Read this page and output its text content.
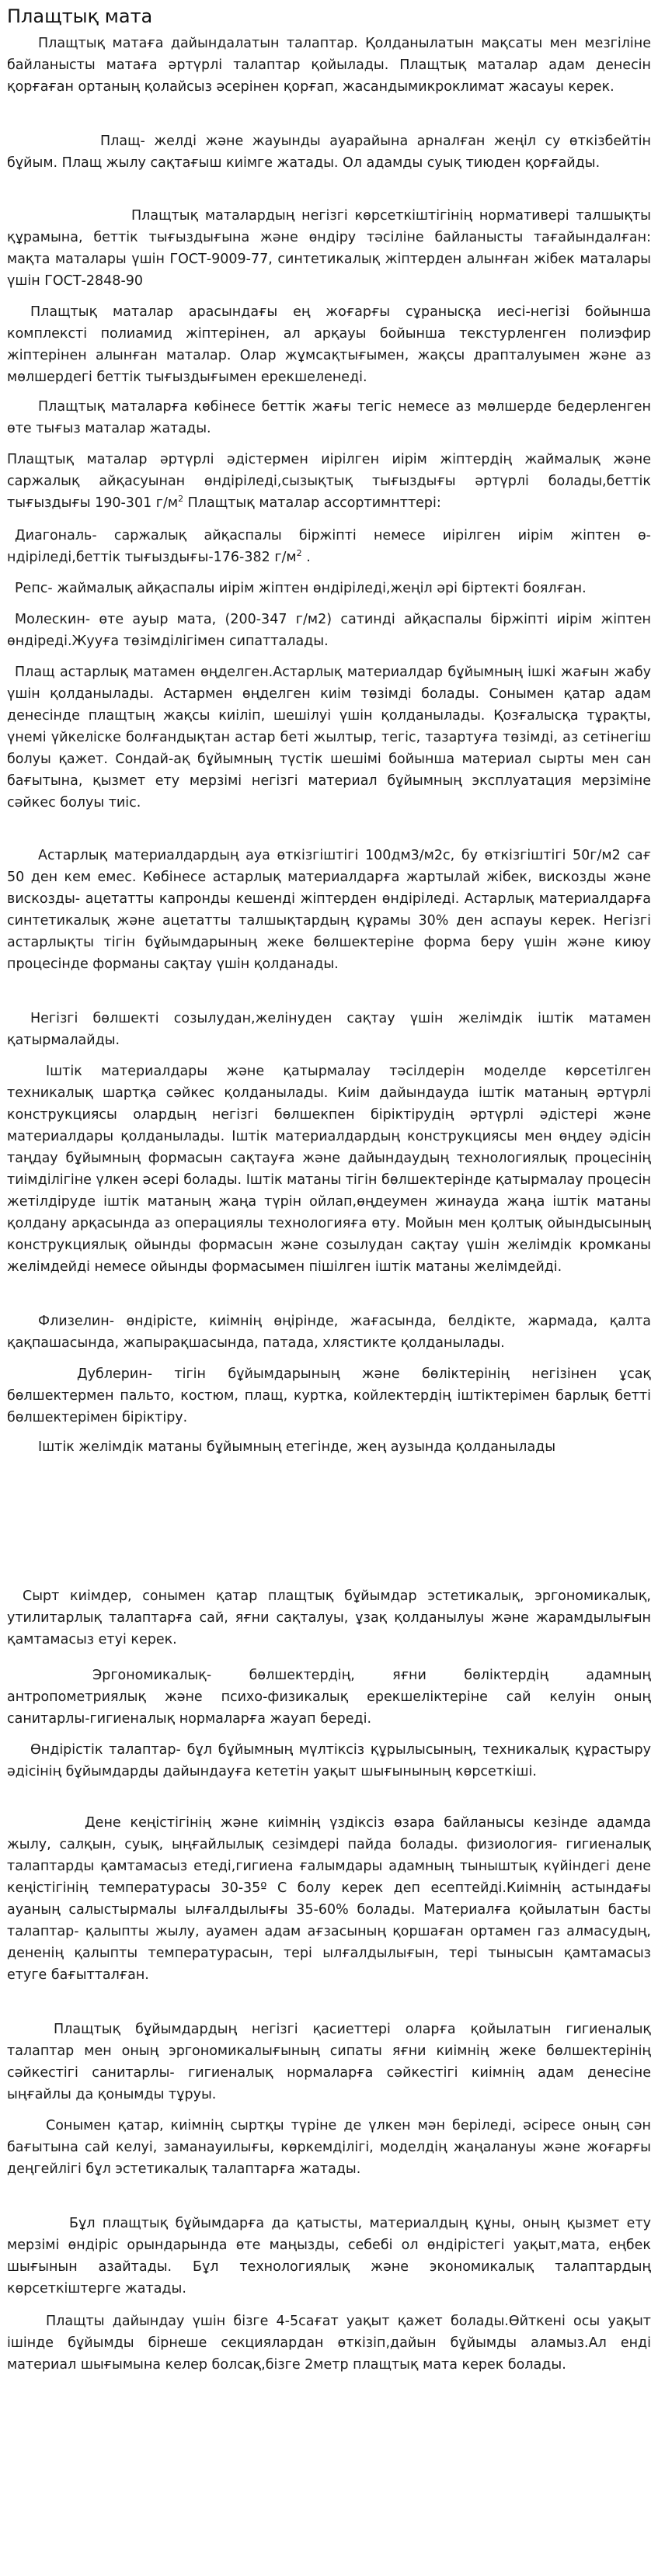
Плащтық мата

Плащтық матаға дайындалатын талаптар. Қолданылатын мақсаты мен мезгіліне байланысты матаға әртүрлі талаптар қойылады. Плащтық маталар адам денесін қорғаған ортаның қолайсыз әсерінен қорғап, жасандымикроклимат жасауы керек.

Плащ- желді және жауынды ауарайына арналған жеңіл су өткізбейтін бұйым. Плащ жылу сақтағыш киімге жатады. Ол адамды суық тиюден қорғайды.

Плащтық маталардың негізгі көрсеткіштігінің нормативері талшықты құрамына, беттік тығыздығына және өндіру тәсіліне байланысты тағайындалған: мақта маталары үшін ГОСТ-9009-77, синтетикалық жіптерден алынған жібек маталары үшін ГОСТ-2848-90

Плащтық маталар арасындағы ең жоғарғы сұранысқа иесі-негізі бойынша комплексті полиамид жіптерінен, ал арқауы бойынша текстурленген полиэфир жіптерінен алынған маталар. Олар жұмсақтығымен, жақсы драпталуымен және аз мөлшердегі беттік тығыздығымен ерекшеленеді.

Плащтық маталарға көбінесе беттік жағы тегіс немесе аз мөлшерде бедерленген өте тығыз маталар жатады.

Плащтық маталар әртүрлі әдістермен иірілген иірім жіптердің жаймалық және саржалық айқасуынан өндіріледі,сызықтық тығыздығы әртүрлі болады,беттік тығыздығы 190-301 $г/м^2$ Плащтық маталар ассортимнттері:

Диагональ- саржалық айқаспалы біржіпті немесе иірілген иірім жіптен ө-ндіріледі,беттік тығыздығы-176-382 $г/м^2$ .

Репс- жаймалық айқаспалы иірім жіптен өндіріледі,жеңіл әрі біртекті боялған.

Молескин- өте ауыр мата, (200-347 г/м2) сатинді айқаспалы біржіпті иірім жіптен өндіреді.Жууға төзімділігімен сипатталады.

Плащ астарлық матамен өңделген.Астарлық материалдар бұйымның ішкі жағын жабу үшін қолданылады. Астармен өңделген киім төзімді болады. Сонымен қатар адам денесінде плащтың жақсы киіліп, шешілуі үшін қолданылады. Қозғалысқа тұрақты, үнемі үйкеліске болғандықтан астар беті жылтыр, тегіс, тазартуға төзімді, аз сетінегіш болуы қажет. Сондай-ақ бұйымның түстік шешімі бойынша материал сырты мен сан бағытына, қызмет ету мерзімі негізгі материал бұйымның эксплуатация мерзіміне сәйкес болуы тиіс.

Астарлық материалдардың ауа өткізгіштігі 100дм3/м2с, бу өткізгіштігі 50г/м2 сағ 50 ден кем емес. Көбінесе астарлық материалдарға жартылай жібек, вискозды және вискозды- ацетатты капронды кешенді жіптерден өндіріледі. Астарлық материалдарға синтетикалық және ацетатты талшықтардың құрамы 30% ден аспауы керек. Негізгі астарлықты тігін бұйымдарының жеке бөлшектеріне форма беру үшін және киюу процесінде форманы сақтау үшін қолданады.

Негізгі бөлшекті созылудан,желінуден сақтау үшін желімдік іштік матамен қатырмалайды.

Іштік материалдары және қатырмалау тәсілдерін моделде көрсетілген техникалық шартқа сәйкес қолданылады. Киім дайындауда іштік матаның әртүрлі конструкциясы олардың негізгі бөлшекпен біріктірудің әртүрлі әдістері және материалдары қолданылады. Іштік материалдардың конструкциясы мен өңдеу әдісін таңдау бұйымның формасын сақтауға және дайындаудың технологиялық процесінің тиімділігіне үлкен әсері болады. Іштік матаны тігін бөлшектерінде қатырмалау процесін жетілдіруде іштік матаның жаңа түрін ойлап,өңдеумен жинауда жаңа іштік матаны қолдану арқасында аз операциялы технологияға өту. Мойын мен қолтық ойындысының конструкциялық ойынды формасын және созылудан сақтау үшін желімдік кромканы желімдейді немесе ойынды формасымен пішілген іштік матаны желімдейді.

Флизелин- өндірісте, киімнің өңірінде, жағасында, белдікте, жармада, қалта қақпашасында, жапырақшасында, патада, хлястикте қолданылады.

Дублерин- тігін бұйымдарының және бөліктерінің негізінен ұсақ бөлшектермен пальто, костюм, плащ, куртка, койлектердің іштіктерімен барлық бетті бөлшектерімен біріктіру.

Іштік желімдік матаны бұйымның етегінде, жең аузында қолданылады

Сырт киімдер, сонымен қатар плащтық бұйымдар эстетикалық, эргономикалық, утилитарлық талаптарға сай, яғни сақталуы, ұзақ қолданылуы және жарамдылығын қамтамасыз етуі керек.

Эргономикалық- бөлшектердің, яғни бөліктердің адамның антропометриялық және психо-физикалық ерекшеліктеріне сай келуін оның санитарлы-гигиеналық нормаларға жауап береді.

Өндірістік талаптар- бұл бұйымның мүлтіксіз құрылысының, техникалық құрастыру әдісінің бұйымдарды дайындауға кететін уақыт шығынының көрсеткіші.

Дене кеңістігінің және киімнің үздіксіз өзара байланысы кезінде адамда жылу, салқын, суық, ыңғайлылық сезімдері пайда болады. физиология- гигиеналық талаптарды қамтамасыз етеді,гигиена ғалымдары адамның тыныштық күйіндегі дене кеңістігінің температурасы 30-35º С болу керек деп есептейді.Киімнің астындағы ауаның салыстырмалы ылғалдылығы 35-60% болады. Материалға қойылатын басты талаптар- қалыпты жылу, ауамен адам ағзасының қоршаған ортамен газ алмасудың, дененің қалыпты температурасын, тері ылғалдылығын, тері тынысын қамтамасыз етуге бағытталған.

Плащтық бұйымдардың негізгі қасиеттері оларға қойылатын гигиеналық талаптар мен оның эргономикалығының сипаты яғни киімнің жеке бөлшектерінің сәйкестігі санитарлы- гигиеналық нормаларға сәйкестігі киімнің адам денесіне ыңғайлы да қонымды тұруы.

Сонымен қатар, киімнің сыртқы түріне де үлкен мән беріледі, әсіресе оның сән бағытына сай келуі, заманауилығы, көркемділігі, моделдің жаңалануы және жоғарғы деңгейлігі бұл эстетикалық талаптарға жатады.

Бұл плащтық бұйымдарға да қатысты, материалдың құны, оның қызмет ету мерзімі өндіріс орындарында өте маңызды, себебі ол өндірістегі уақыт,мата, еңбек шығынын азайтады. Бұл технологиялық және экономикалық талаптардың көрсеткіштерге жатады.

Плащты дайындау үшін бізге 4-5сағат уақыт қажет болады.Өйткені осы уақыт ішінде бұйымды бірнеше секциялардан өткізіп,дайын бұйымды аламыз.Ал енді материал шығымына келер болсақ,бізге 2метр плащтық мата керек болады.
